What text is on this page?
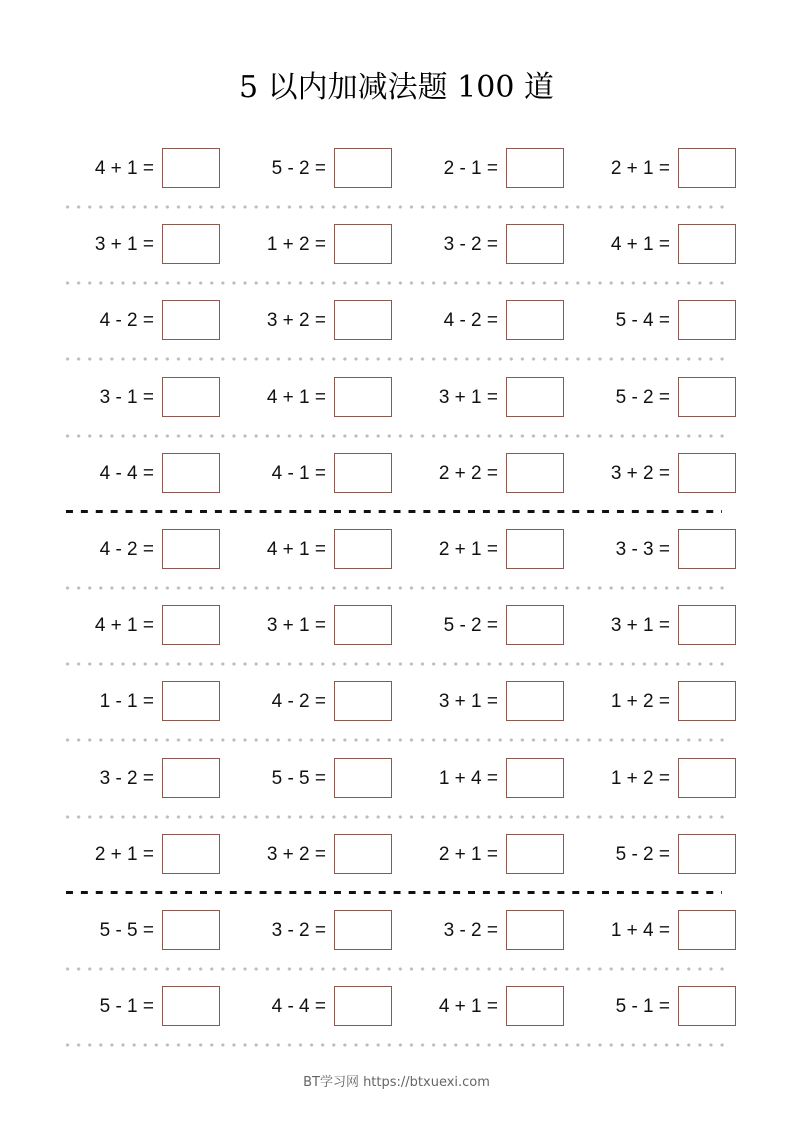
5 以内加减法题 100 道
4 + 1 =	5 - 2 =	2 - 1 =	2 + 1 =
3 + 1 =	1 + 2 =	3 - 2 =	4 + 1 =
4 - 2 =	3 + 2 =	4 - 2 =	5 - 4 =
3 - 1 =	4 + 1 =	3 + 1 =	5 - 2 =
4 - 4 =	4 - 1 =	2 + 2 =	3 + 2 =
4 - 2 =	4 + 1 =	2 + 1 =	3 - 3 =
4 + 1 =	3 + 1 =	5 - 2 =	3 + 1 =
1 - 1 =	4 - 2 =	3 + 1 =	1 + 2 =
3 - 2 =	5 - 5 =	1 + 4 =	1 + 2 =
2 + 1 =	3 + 2 =	2 + 1 =	5 - 2 =
5 - 5 =	3 - 2 =	3 - 2 =	1 + 4 =
5 - 1 =	4 - 4 =	4 + 1 =	5 - 1 =
BT学习网 https://btxuexi.com
